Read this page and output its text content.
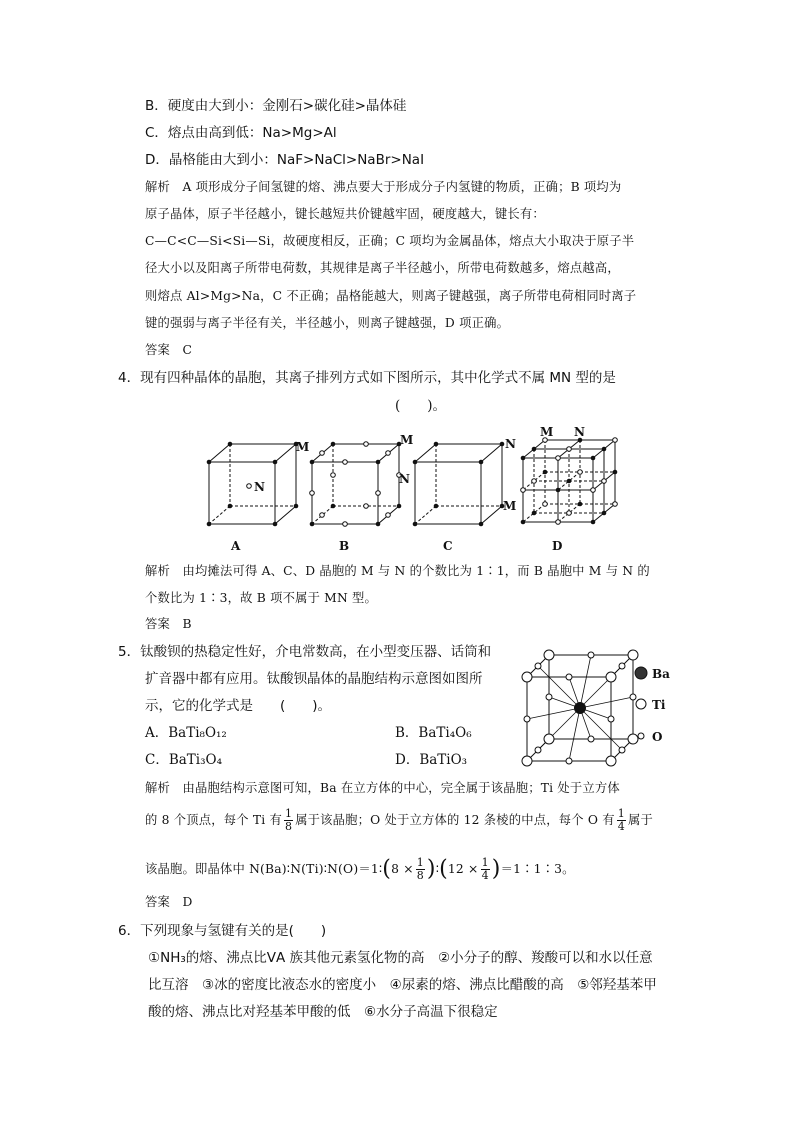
B．硬度由大到小：金刚石>碳化硅>晶体硅
C．熔点由高到低：Na>Mg>Al
D．晶格能由大到小：NaF>NaCl>NaBr>NaI
解析　A 项形成分子间氢键的熔、沸点要大于形成分子内氢键的物质，正确；B 项均为
原子晶体，原子半径越小，键长越短共价键越牢固，硬度越大，键长有：
C—C<C—Si<Si—Si，故硬度相反，正确；C 项均为金属晶体，熔点大小取决于原子半
径大小以及阳离子所带电荷数，其规律是离子半径越小，所带电荷数越多，熔点越高，
则熔点 Al>Mg>Na，C 不正确；晶格能越大，则离子键越强，离子所带电荷相同时离子
键的强弱与离子半径有关，半径越小，则离子键越强，D 项正确。
答案　C
4．现有四种晶体的晶胞，其离子排列方式如下图所示，其中化学式不属 MN 型的是
(　　)。
N
M	M
N
N
M
M N
A	B	C	D
解析　由均摊法可得 A、C、D 晶胞的 M 与 N 的个数比为 1∶1，而 B 晶胞中 M 与 N 的
个数比为 1∶3，故 B 项不属于 MN 型。
答案　B
5．钛酸钡的热稳定性好，介电常数高，在小型变压器、话筒和
扩音器中都有应用。钛酸钡晶体的晶胞结构示意图如图所
示，它的化学式是　　(　　)。
A．BaTi₈O₁₂	B．BaTi₄O₆
C．BaTi₃O₄	D．BaTiO₃
Ba
Ti
O
解析　由晶胞结构示意图可知，Ba 在立方体的中心，完全属于该晶胞；Ti 处于立方体
的 8 个顶点，每个 Ti 有 $\frac{1}{8}$ 属于该晶胞；O 处于立方体的 12 条棱的中点，每个 O 有 $\frac{1}{4}$ 属于
该晶胞。即晶体中 N(Ba)∶N(Ti)∶N(O)＝1∶(8 × $\frac{1}{8}$ )∶(12 × $\frac{1}{4}$ )＝1∶1∶3。
答案　D
6．下列现象与氢键有关的是(　　)
①NH₃的熔、沸点比ⅤA 族其他元素氢化物的高　②小分子的醇、羧酸可以和水以任意
比互溶　③冰的密度比液态水的密度小　④尿素的熔、沸点比醋酸的高　⑤邻羟基苯甲
酸的熔、沸点比对羟基苯甲酸的低　⑥水分子高温下很稳定
